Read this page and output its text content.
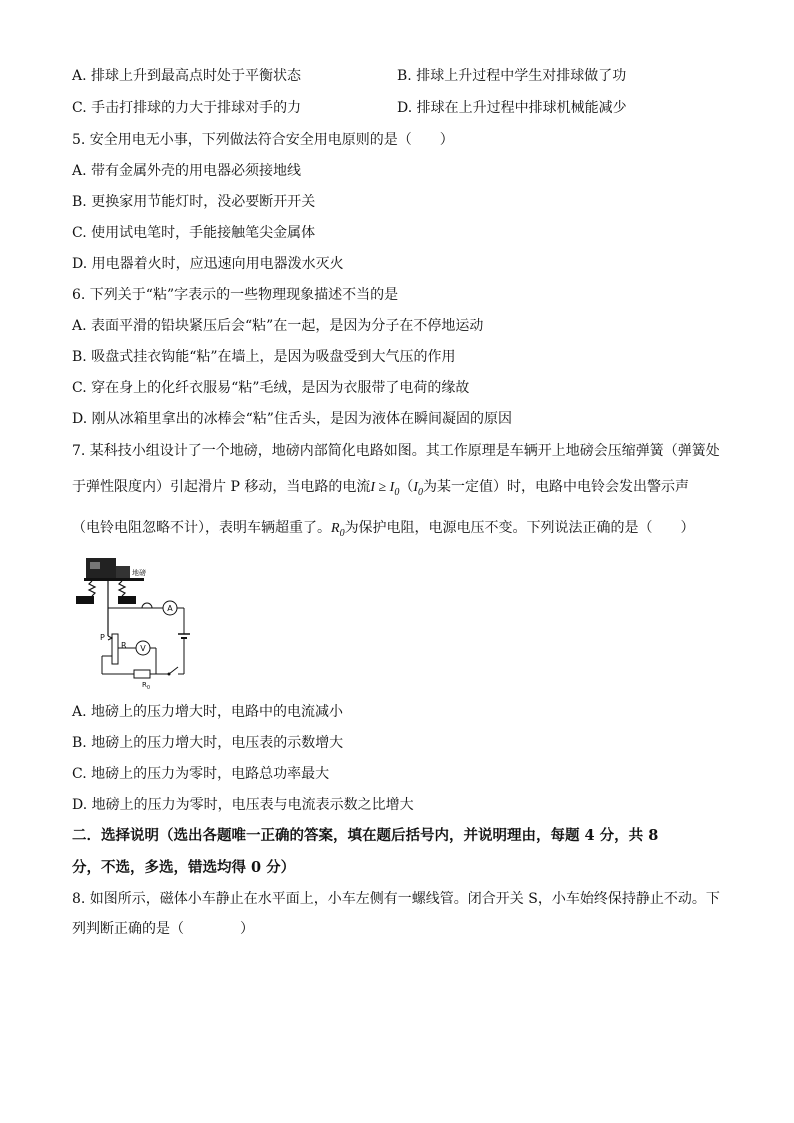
A. 排球上升到最高点时处于平衡状态	B. 排球上升过程中学生对排球做了功
C. 手击打排球的力大于排球对手的力	D. 排球在上升过程中排球机械能减少
5. 安全用电无小事，下列做法符合安全用电原则的是（　　）
A. 带有金属外壳的用电器必须接地线
B. 更换家用节能灯时，没必要断开开关
C. 使用试电笔时，手能接触笔尖金属体
D. 用电器着火时，应迅速向用电器泼水灭火
6. 下列关于“粘”字表示的一些物理现象描述不当的是
A. 表面平滑的铅块紧压后会“粘”在一起，是因为分子在不停地运动
B. 吸盘式挂衣钩能“粘”在墙上，是因为吸盘受到大气压的作用
C. 穿在身上的化纤衣服易“粘”毛绒，是因为衣服带了电荷的缘故
D. 刚从冰箱里拿出的冰棒会“粘”住舌头，是因为液体在瞬间凝固的原因
7. 某科技小组设计了一个地磅，地磅内部简化电路如图。其工作原理是车辆开上地磅会压缩弹簧（弹簧处
于弹性限度内）引起滑片 P 移动，当电路的电流$I \ge I_0(I_0$为某一定值）时，电路中电铃会发出警示声
（电铃电阻忽略不计），表明车辆超重了。$R_0$为保护电阻，电源电压不变。下列说法正确的是（　　）
地磅
A
P
R V
$R_0$
A. 地磅上的压力增大时，电路中的电流减小
B. 地磅上的压力增大时，电压表的示数增大
C. 地磅上的压力为零时，电路总功率最大
D. 地磅上的压力为零时，电压表与电流表示数之比增大
二．选择说明（选出各题唯一正确的答案，填在题后括号内，并说明理由，每题 4 分，共 8
分，不选，多选，错选均得 0 分）
8. 如图所示，磁体小车静止在水平面上，小车左侧有一螺线管。闭合开关 S，小车始终保持静止不动。下
列判断正确的是（　　　　）
